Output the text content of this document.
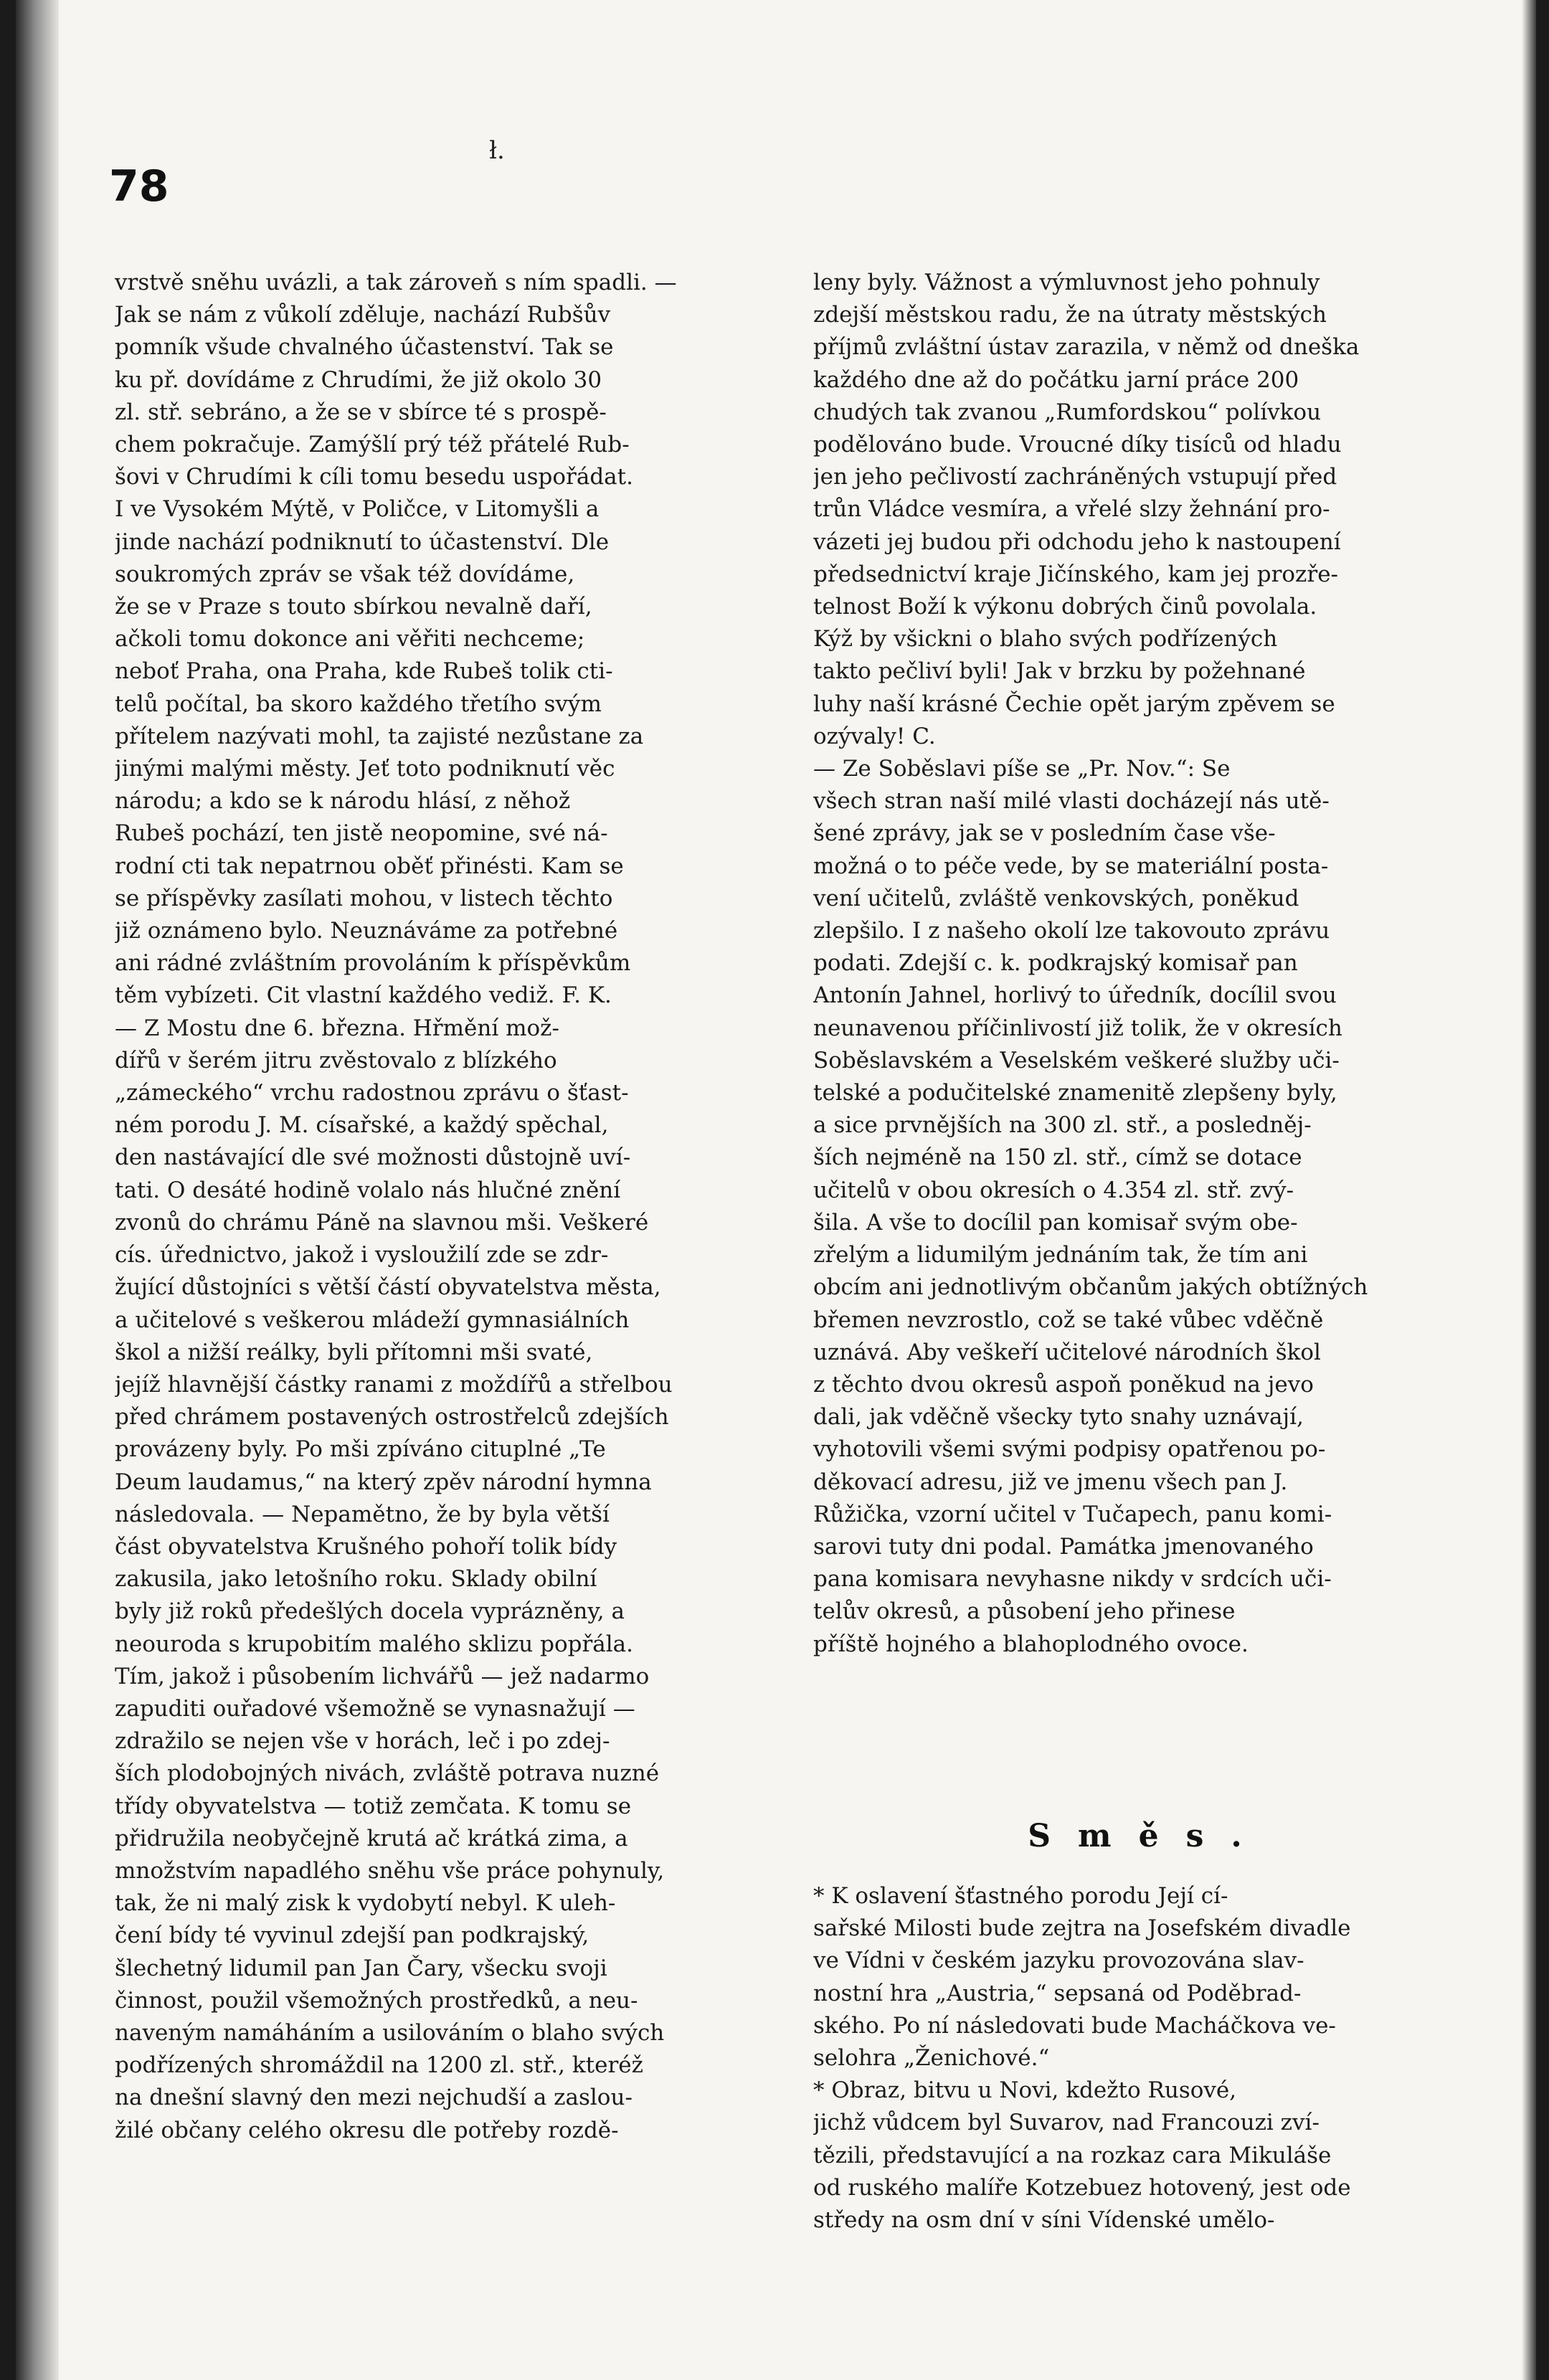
78
ł.
vrstvě sněhu uvázli, a tak zároveň s ním spadli. —
Jak se nám z vůkolí zděluje, nachází Rubšův
pomník všude chvalného účastenství. Tak se
ku př. dovídáme z Chrudími, že již okolo 30
zl. stř. sebráno, a že se v sbírce té s prospě-
chem pokračuje. Zamýšlí prý též přátelé Rub-
šovi v Chrudími k cíli tomu besedu uspořádat.
I ve Vysokém Mýtě, v Poličce, v Litomyšli a
jinde nachází podniknutí to účastenství. Dle
soukromých zpráv se však též dovídáme,
že se v Praze s touto sbírkou nevalně daří,
ačkoli tomu dokonce ani věřiti nechceme;
neboť Praha, ona Praha, kde Rubeš tolik cti-
telů počítal, ba skoro každého třetího svým
přítelem nazývati mohl, ta zajisté nezůstane za
jinými malými městy. Jeť toto podniknutí věc
národu; a kdo se k národu hlásí, z něhož
Rubeš pochází, ten jistě neopomine, své ná-
rodní cti tak nepatrnou oběť přinésti. Kam se
se příspěvky zasílati mohou, v listech těchto
již oznámeno bylo. Neuznáváme za potřebné
ani rádné zvláštním provoláním k příspěvkům
těm vybízeti. Cit vlastní každého vediž. F. K.
— Z Mostu dne 6. března. Hřmění mož-
dířů v šerém jitru zvěstovalo z blízkého
„zámeckého“ vrchu radostnou zprávu o šťast-
ném porodu J. M. císařské, a každý spěchal,
den nastávající dle své možnosti důstojně uví-
tati. O desáté hodině volalo nás hlučné znění
zvonů do chrámu Páně na slavnou mši. Veškeré
cís. úřednictvo, jakož i vysloužilí zde se zdr-
žující důstojníci s větší částí obyvatelstva města,
a učitelové s veškerou mládeží gymnasiálních
škol a nižší reálky, byli přítomni mši svaté,
jejíž hlavnější částky ranami z moždířů a střelbou
před chrámem postavených ostrostřelců zdejších
provázeny byly. Po mši zpíváno cituplné „Te
Deum laudamus,“ na který zpěv národní hymna
následovala. — Nepamětno, že by byla větší
část obyvatelstva Krušného pohoří tolik bídy
zakusila, jako letošního roku. Sklady obilní
byly již roků předešlých docela vyprázněny, a
neouroda s krupobitím malého sklizu popřála.
Tím, jakož i působením lichvářů — jež nadarmo
zapuditi ouřadové všemožně se vynasnažují —
zdražilo se nejen vše v horách, leč i po zdej-
ších plodobojných nivách, zvláště potrava nuzné
třídy obyvatelstva — totiž zemčata. K tomu se
přidružila neobyčejně krutá ač krátká zima, a
množstvím napadlého sněhu vše práce pohynuly,
tak, že ni malý zisk k vydobytí nebyl. K uleh-
čení bídy té vyvinul zdejší pan podkrajský,
šlechetný lidumil pan Jan Čary, všecku svoji
činnost, použil všemožných prostředků, a neu-
naveným namáháním a usilováním o blaho svých
podřízených shromáždil na 1200 zl. stř., kteréž
na dnešní slavný den mezi nejchudší a zaslou-
žilé občany celého okresu dle potřeby rozdě-
leny byly. Vážnost a výmluvnost jeho pohnuly
zdejší městskou radu, že na útraty městských
příjmů zvláštní ústav zarazila, v němž od dneška
každého dne až do počátku jarní práce 200
chudých tak zvanou „Rumfordskou“ polívkou
podělováno bude. Vroucné díky tisíců od hladu
jen jeho pečlivostí zachráněných vstupují před
trůn Vládce vesmíra, a vřelé slzy žehnání pro-
vázeti jej budou při odchodu jeho k nastoupení
předsednictví kraje Jičínského, kam jej prozře-
telnost Boží k výkonu dobrých činů povolala.
Kýž by všickni o blaho svých podřízených
takto pečliví byli! Jak v brzku by požehnané
luhy naší krásné Čechie opět jarým zpěvem se
ozývaly! C.
— Ze Soběslavi píše se „Pr. Nov.“: Se
všech stran naší milé vlasti docházejí nás utě-
šené zprávy, jak se v posledním čase vše-
možná o to péče vede, by se materiální posta-
vení učitelů, zvláště venkovských, poněkud
zlepšilo. I z našeho okolí lze takovouto zprávu
podati. Zdejší c. k. podkrajský komisař pan
Antonín Jahnel, horlivý to úředník, docílil svou
neunavenou příčinlivostí již tolik, že v okresích
Soběslavském a Veselském veškeré služby uči-
telské a podučitelské znamenitě zlepšeny byly,
a sice prvnějších na 300 zl. stř., a posledněj-
ších nejméně na 150 zl. stř., címž se dotace
učitelů v obou okresích o 4.354 zl. stř. zvý-
šila. A vše to docílil pan komisař svým obe-
zřelým a lidumilým jednáním tak, že tím ani
obcím ani jednotlivým občanům jakých obtížných
břemen nevzrostlo, což se také vůbec vděčně
uznává. Aby veškeří učitelové národních škol
z těchto dvou okresů aspoň poněkud na jevo
dali, jak vděčně všecky tyto snahy uznávají,
vyhotovili všemi svými podpisy opatřenou po-
děkovací adresu, již ve jmenu všech pan J.
Růžička, vzorní učitel v Tučapech, panu komi-
sarovi tuty dni podal. Památka jmenovaného
pana komisara nevyhasne nikdy v srdcích uči-
telův okresů, a působení jeho přinese
příště hojného a blahoplodného ovoce.
Směs.
* K oslavení šťastného porodu Její cí-
sařské Milosti bude zejtra na Josefském divadle
ve Vídni v českém jazyku provozována slav-
nostní hra „Austria,“ sepsaná od Poděbrad-
ského. Po ní následovati bude Macháčkova ve-
selohra „Ženichové.“
* Obraz, bitvu u Novi, kdežto Rusové,
jichž vůdcem byl Suvarov, nad Francouzi zví-
tězili, představující a na rozkaz cara Mikuláše
od ruského malíře Kotzebuez hotovený, jest ode
středy na osm dní v síni Vídenské umělo-
